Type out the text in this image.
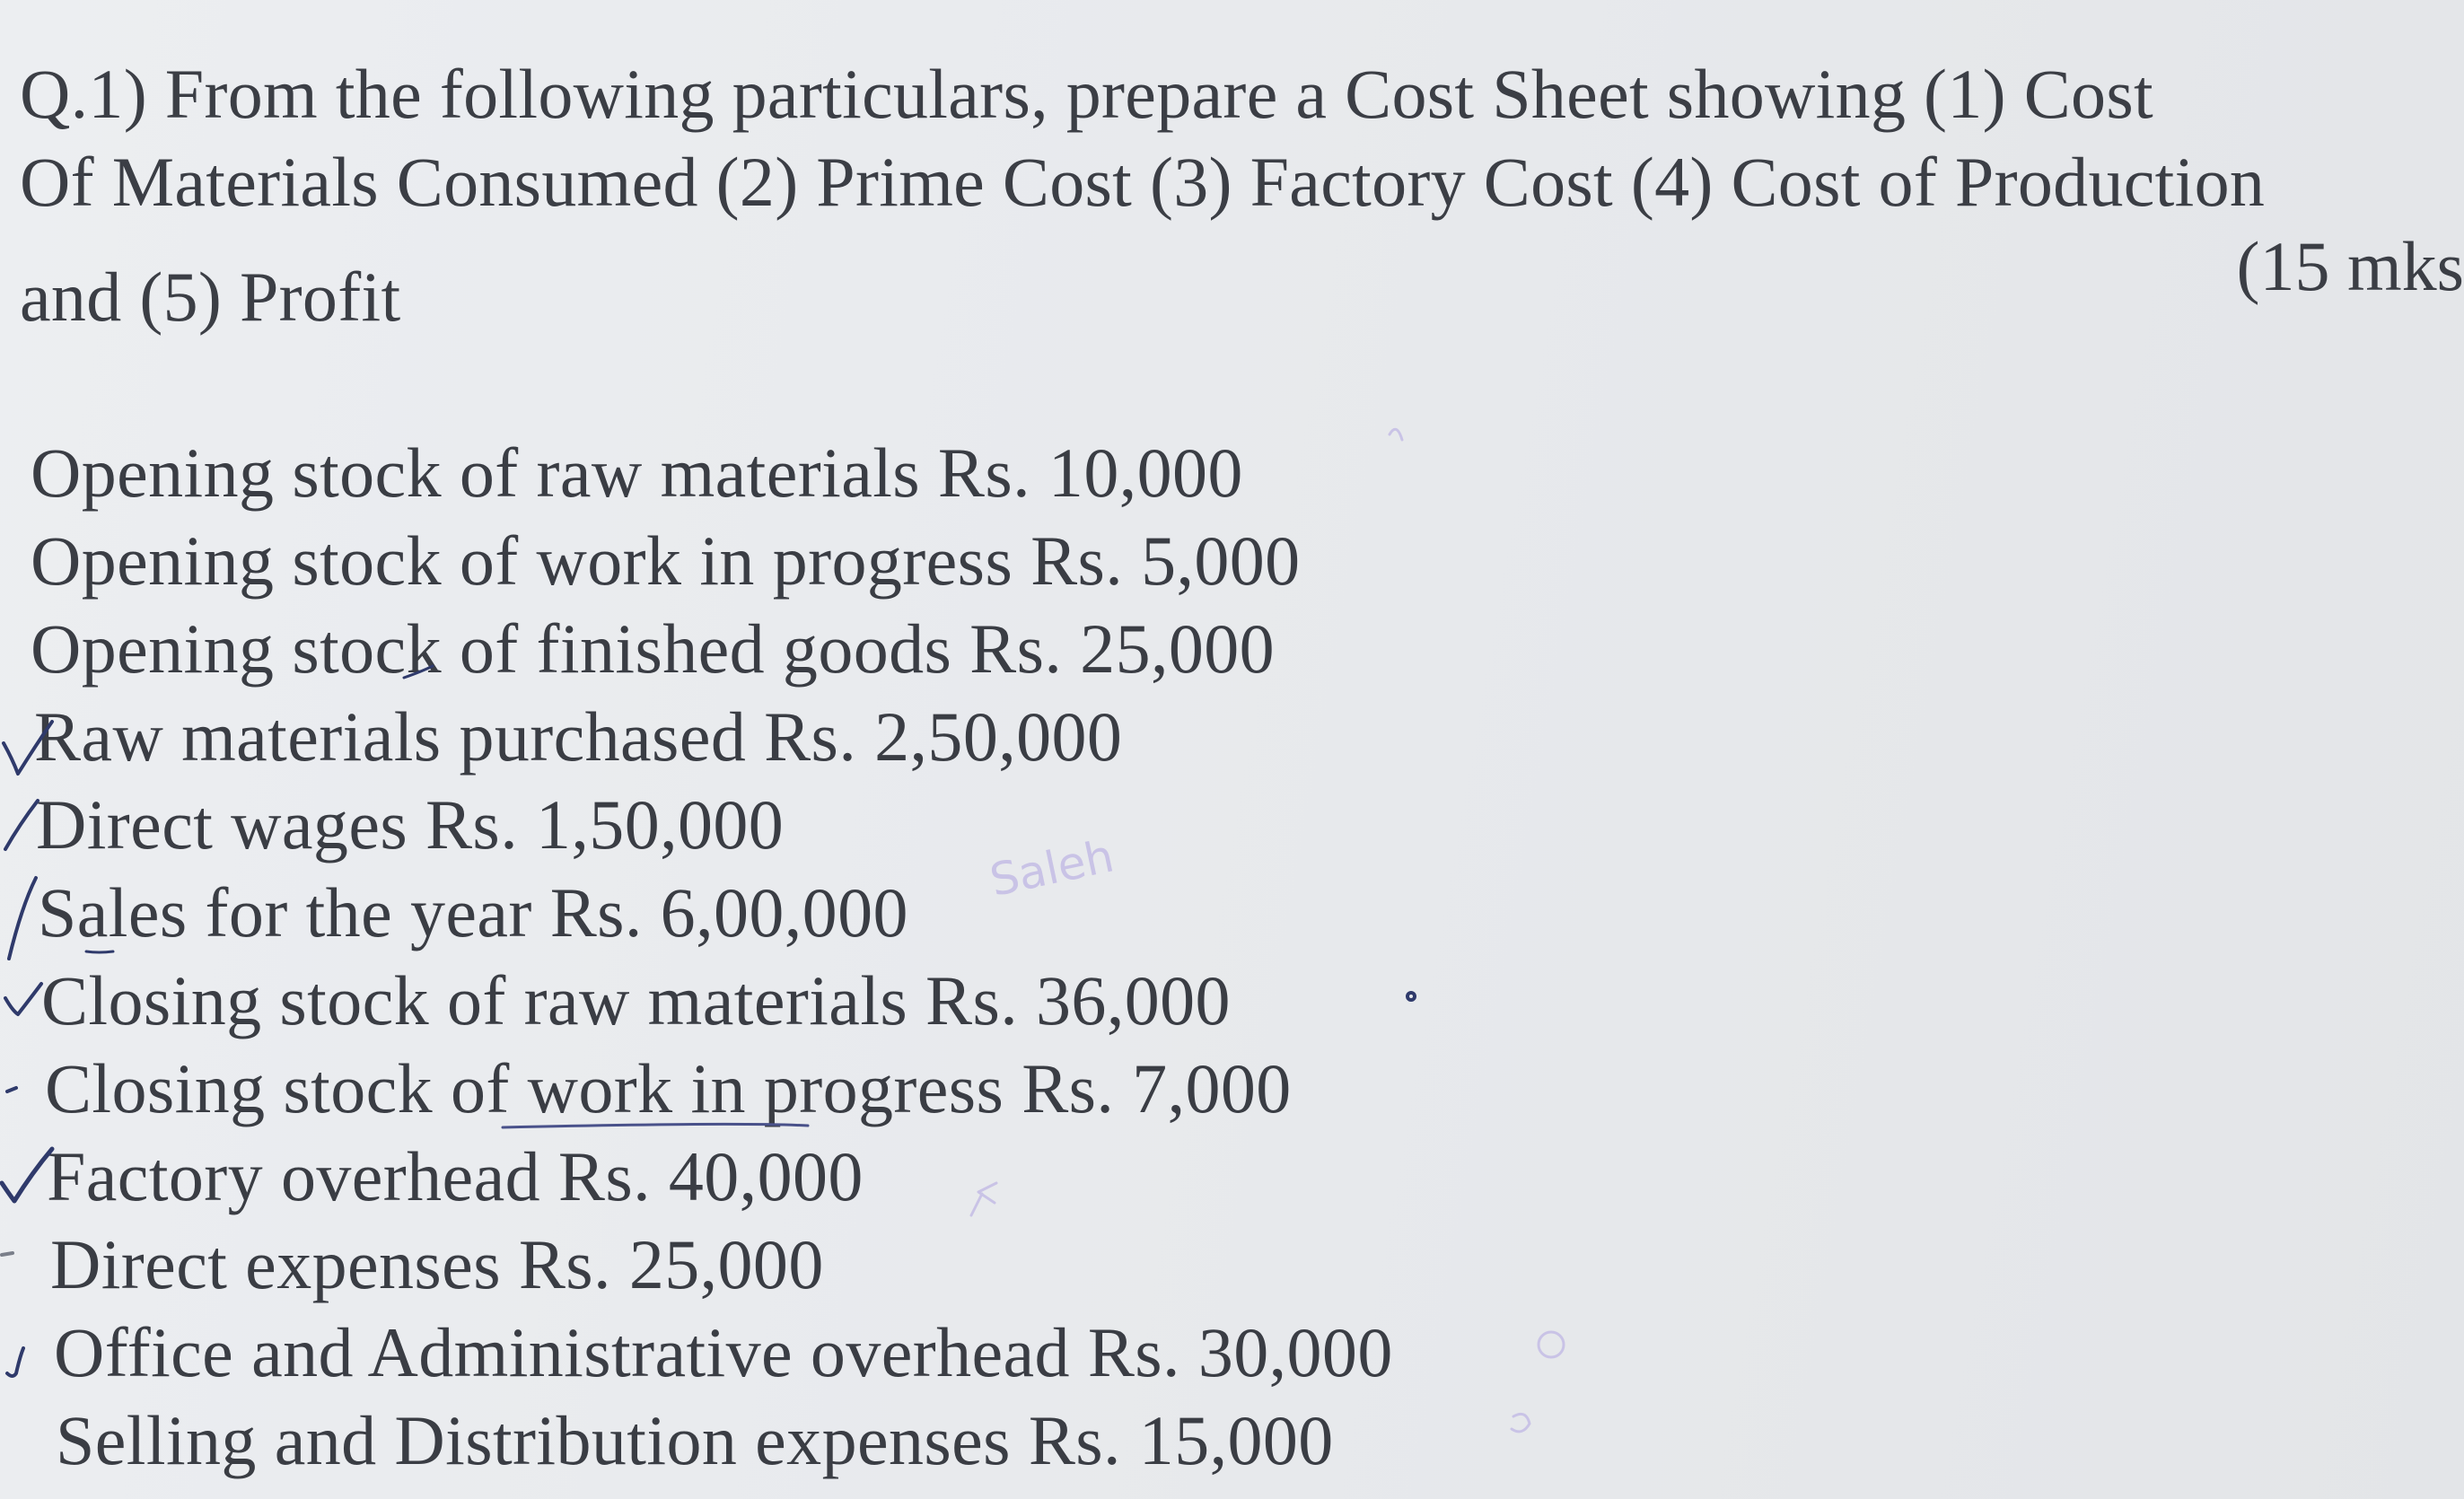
Q.1) From the following particulars, prepare a Cost Sheet showing (1) Cost
Of Materials Consumed (2) Prime Cost (3) Factory Cost (4) Cost of Production
and (5) Profit	(15 mks
Opening stock of raw materials Rs. 10,000
Opening stock of work in progress Rs. 5,000
Opening stock of finished goods Rs. 25,000
Raw materials purchased Rs. 2,50,000
Direct wages Rs. 1,50,000
Sales for the year Rs. 6,00,000
Closing stock of raw materials Rs. 36,000
Closing stock of work in progress Rs. 7,000
Factory overhead Rs. 40,000
Direct expenses Rs. 25,000
Office and Administrative overhead Rs. 30,000
Selling and Distribution expenses Rs. 15,000
Saleh
